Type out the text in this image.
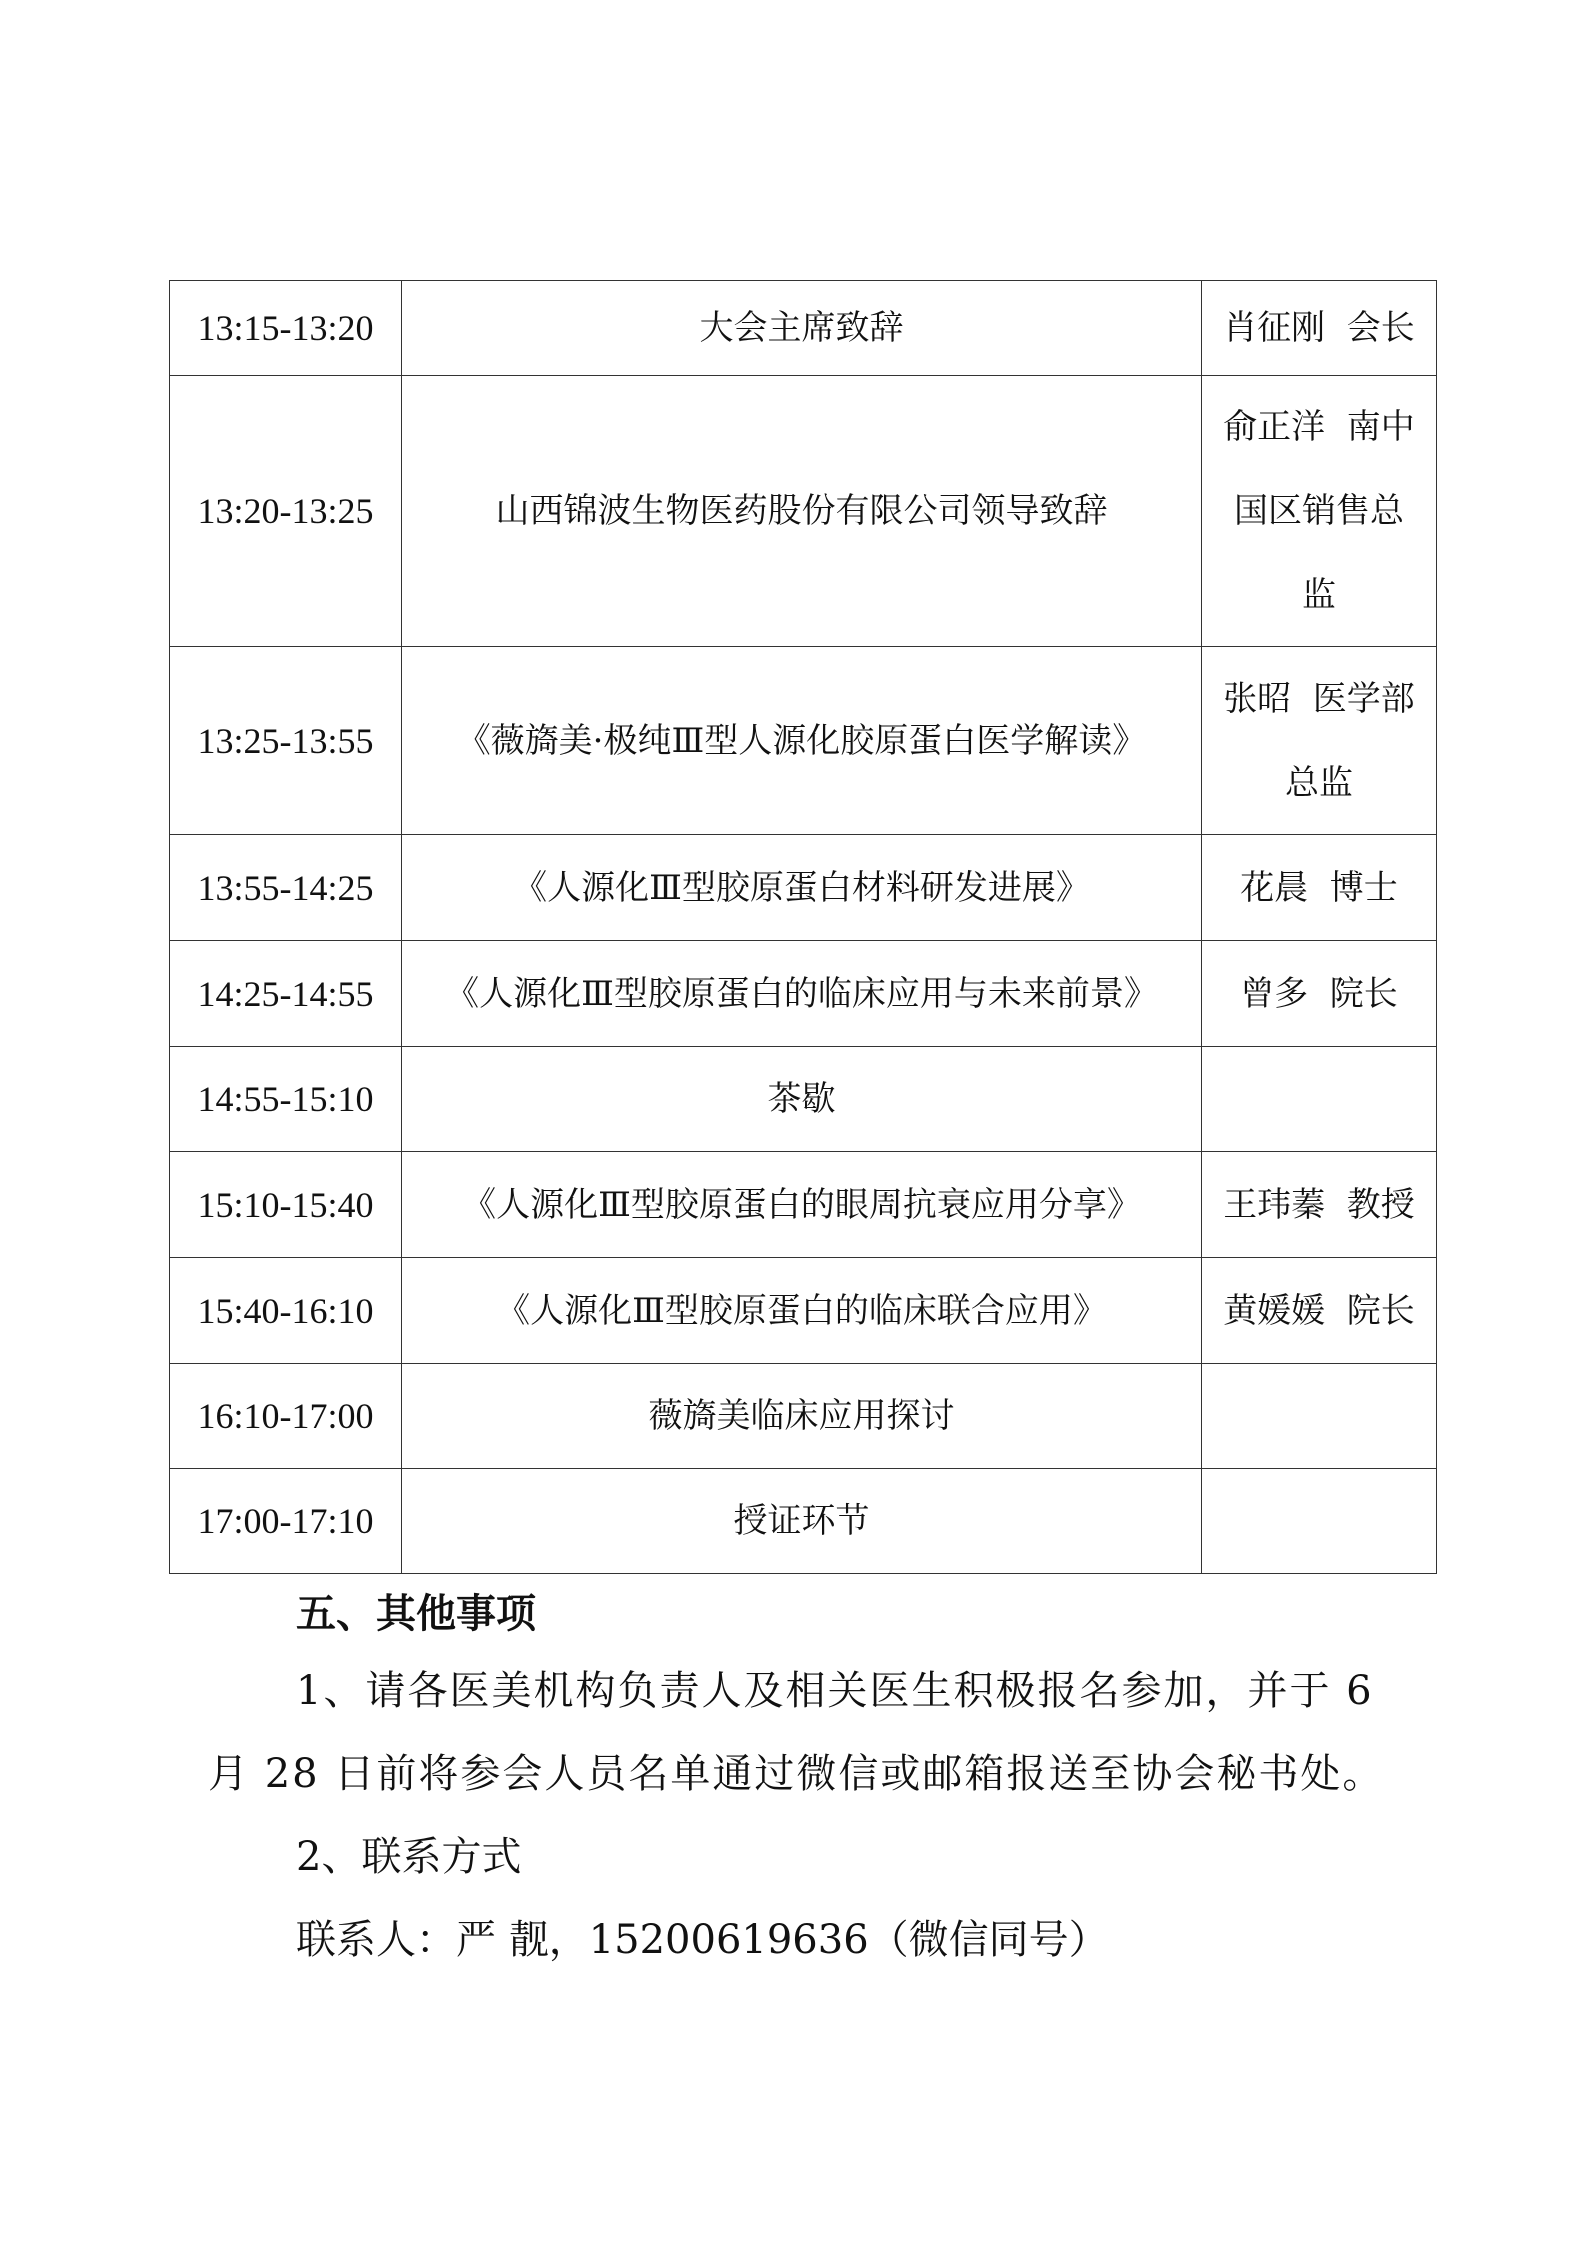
13:15-13:20	大会主席致辞	肖征刚  会长
13:20-13:25	山西锦波生物医药股份有限公司领导致辞	俞正洋  南中国区销售总监
13:25-13:55	《薇旖美·极纯Ⅲ型人源化胶原蛋白医学解读》	张昭  医学部总监
13:55-14:25	《人源化Ⅲ型胶原蛋白材料研发进展》	花晨  博士
14:25-14:55	《人源化Ⅲ型胶原蛋白的临床应用与未来前景》	曾多  院长
14:55-15:10	茶歇	
15:10-15:40	《人源化Ⅲ型胶原蛋白的眼周抗衰应用分享》	王玮蓁  教授
15:40-16:10	《人源化Ⅲ型胶原蛋白的临床联合应用》	黄媛媛  院长
16:10-17:00	薇旖美临床应用探讨	
17:00-17:10	授证环节	
五、其他事项
1、请各医美机构负责人及相关医生积极报名参加，并于 6
月 28 日前将参会人员名单通过微信或邮箱报送至协会秘书处。
2、联系方式
联系人：严 靓，15200619636（微信同号）
